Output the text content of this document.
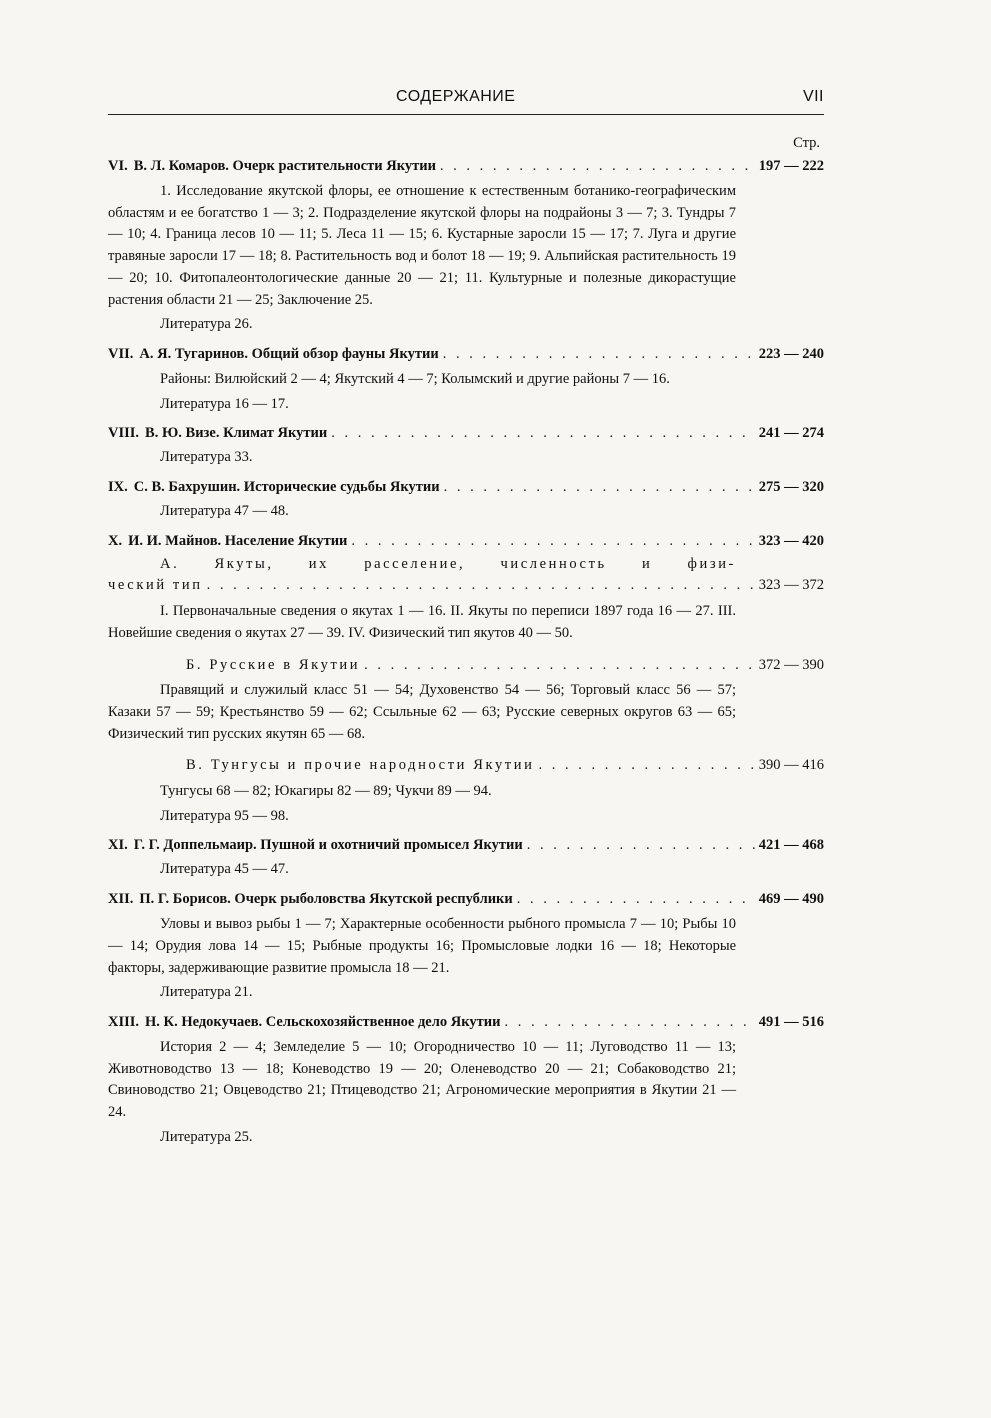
СОДЕРЖАНИЕ	VII
Стр.
VI. В. Л. Комаров. Очерк растительности Якутии . . .	197 — 222
1. Исследование якутской флоры, ее отношение к естественным ботанико-географическим областям и ее богатство 1 — 3; 2. Подразделение якутской флоры на подрайоны 3 — 7; 3. Тундры 7 — 10; 4. Граница лесов 10 — 11; 5. Леса 11 — 15; 6. Кустарные заросли 15 — 17; 7. Луга и другие травяные заросли 17 — 18; 8. Растительность вод и болот 18 — 19; 9. Альпийская растительность 19 — 20; 10. Фитопалеонтологические данные 20 — 21; 11. Культурные и полезные дикорастущие растения области 21 — 25; Заключение 25.
Литература 26.
VII. А. Я. Тугаринов. Общий обзор фауны Якутии . . .	223 — 240
Районы: Вилюйский 2 — 4; Якутский 4 — 7; Колымский и другие районы 7 — 16.
Литература 16 — 17.
VIII. В. Ю. Визе. Климат Якутии . . .	241 — 274
Литература 33.
IX. С. В. Бахрушин. Исторические судьбы Якутии . . .	275 — 320
Литература 47 — 48.
X. И. И. Майнов. Население Якутии . . .	323 — 420
А. Якуты, их расселение, численность и физи-
ческий тип . . .	323 — 372
I. Первоначальные сведения о якутах 1 — 16. II. Якуты по переписи 1897 года 16 — 27. III. Новейшие сведения о якутах 27 — 39. IV. Физический тип якутов 40 — 50.
Б. Русские в Якутии . . .	372 — 390
Правящий и служилый класс 51 — 54; Духовенство 54 — 56; Торговый класс 56 — 57; Казаки 57 — 59; Крестьянство 59 — 62; Ссыльные 62 — 63; Русские северных округов 63 — 65; Физический тип русских якутян 65 — 68.
В. Тунгусы и прочие народности Якутии . . .	390 — 416
Тунгусы 68 — 82; Юкагиры 82 — 89; Чукчи 89 — 94.
Литература 95 — 98.
XI. Г. Г. Доппельмаир. Пушной и охотничий промысел Якутии . . .	421 — 468
Литература 45 — 47.
XII. П. Г. Борисов. Очерк рыболовства Якутской республики . . .	469 — 490
Уловы и вывоз рыбы 1 — 7; Характерные особенности рыбного промысла 7 — 10; Рыбы 10 — 14; Орудия лова 14 — 15; Рыбные продукты 16; Промысловые лодки 16 — 18; Некоторые факторы, задерживающие развитие промысла 18 — 21.
Литература 21.
XIII. Н. К. Недокучаев. Сельскохозяйственное дело Якутии . . .	491 — 516
История 2 — 4; Земледелие 5 — 10; Огородничество 10 — 11; Луговодство 11 — 13; Животноводство 13 — 18; Коневодство 19 — 20; Оленеводство 20 — 21; Собаководство 21; Свиноводство 21; Овцеводство 21; Птицеводство 21; Агрономические мероприятия в Якутии 21 — 24.
Литература 25.
